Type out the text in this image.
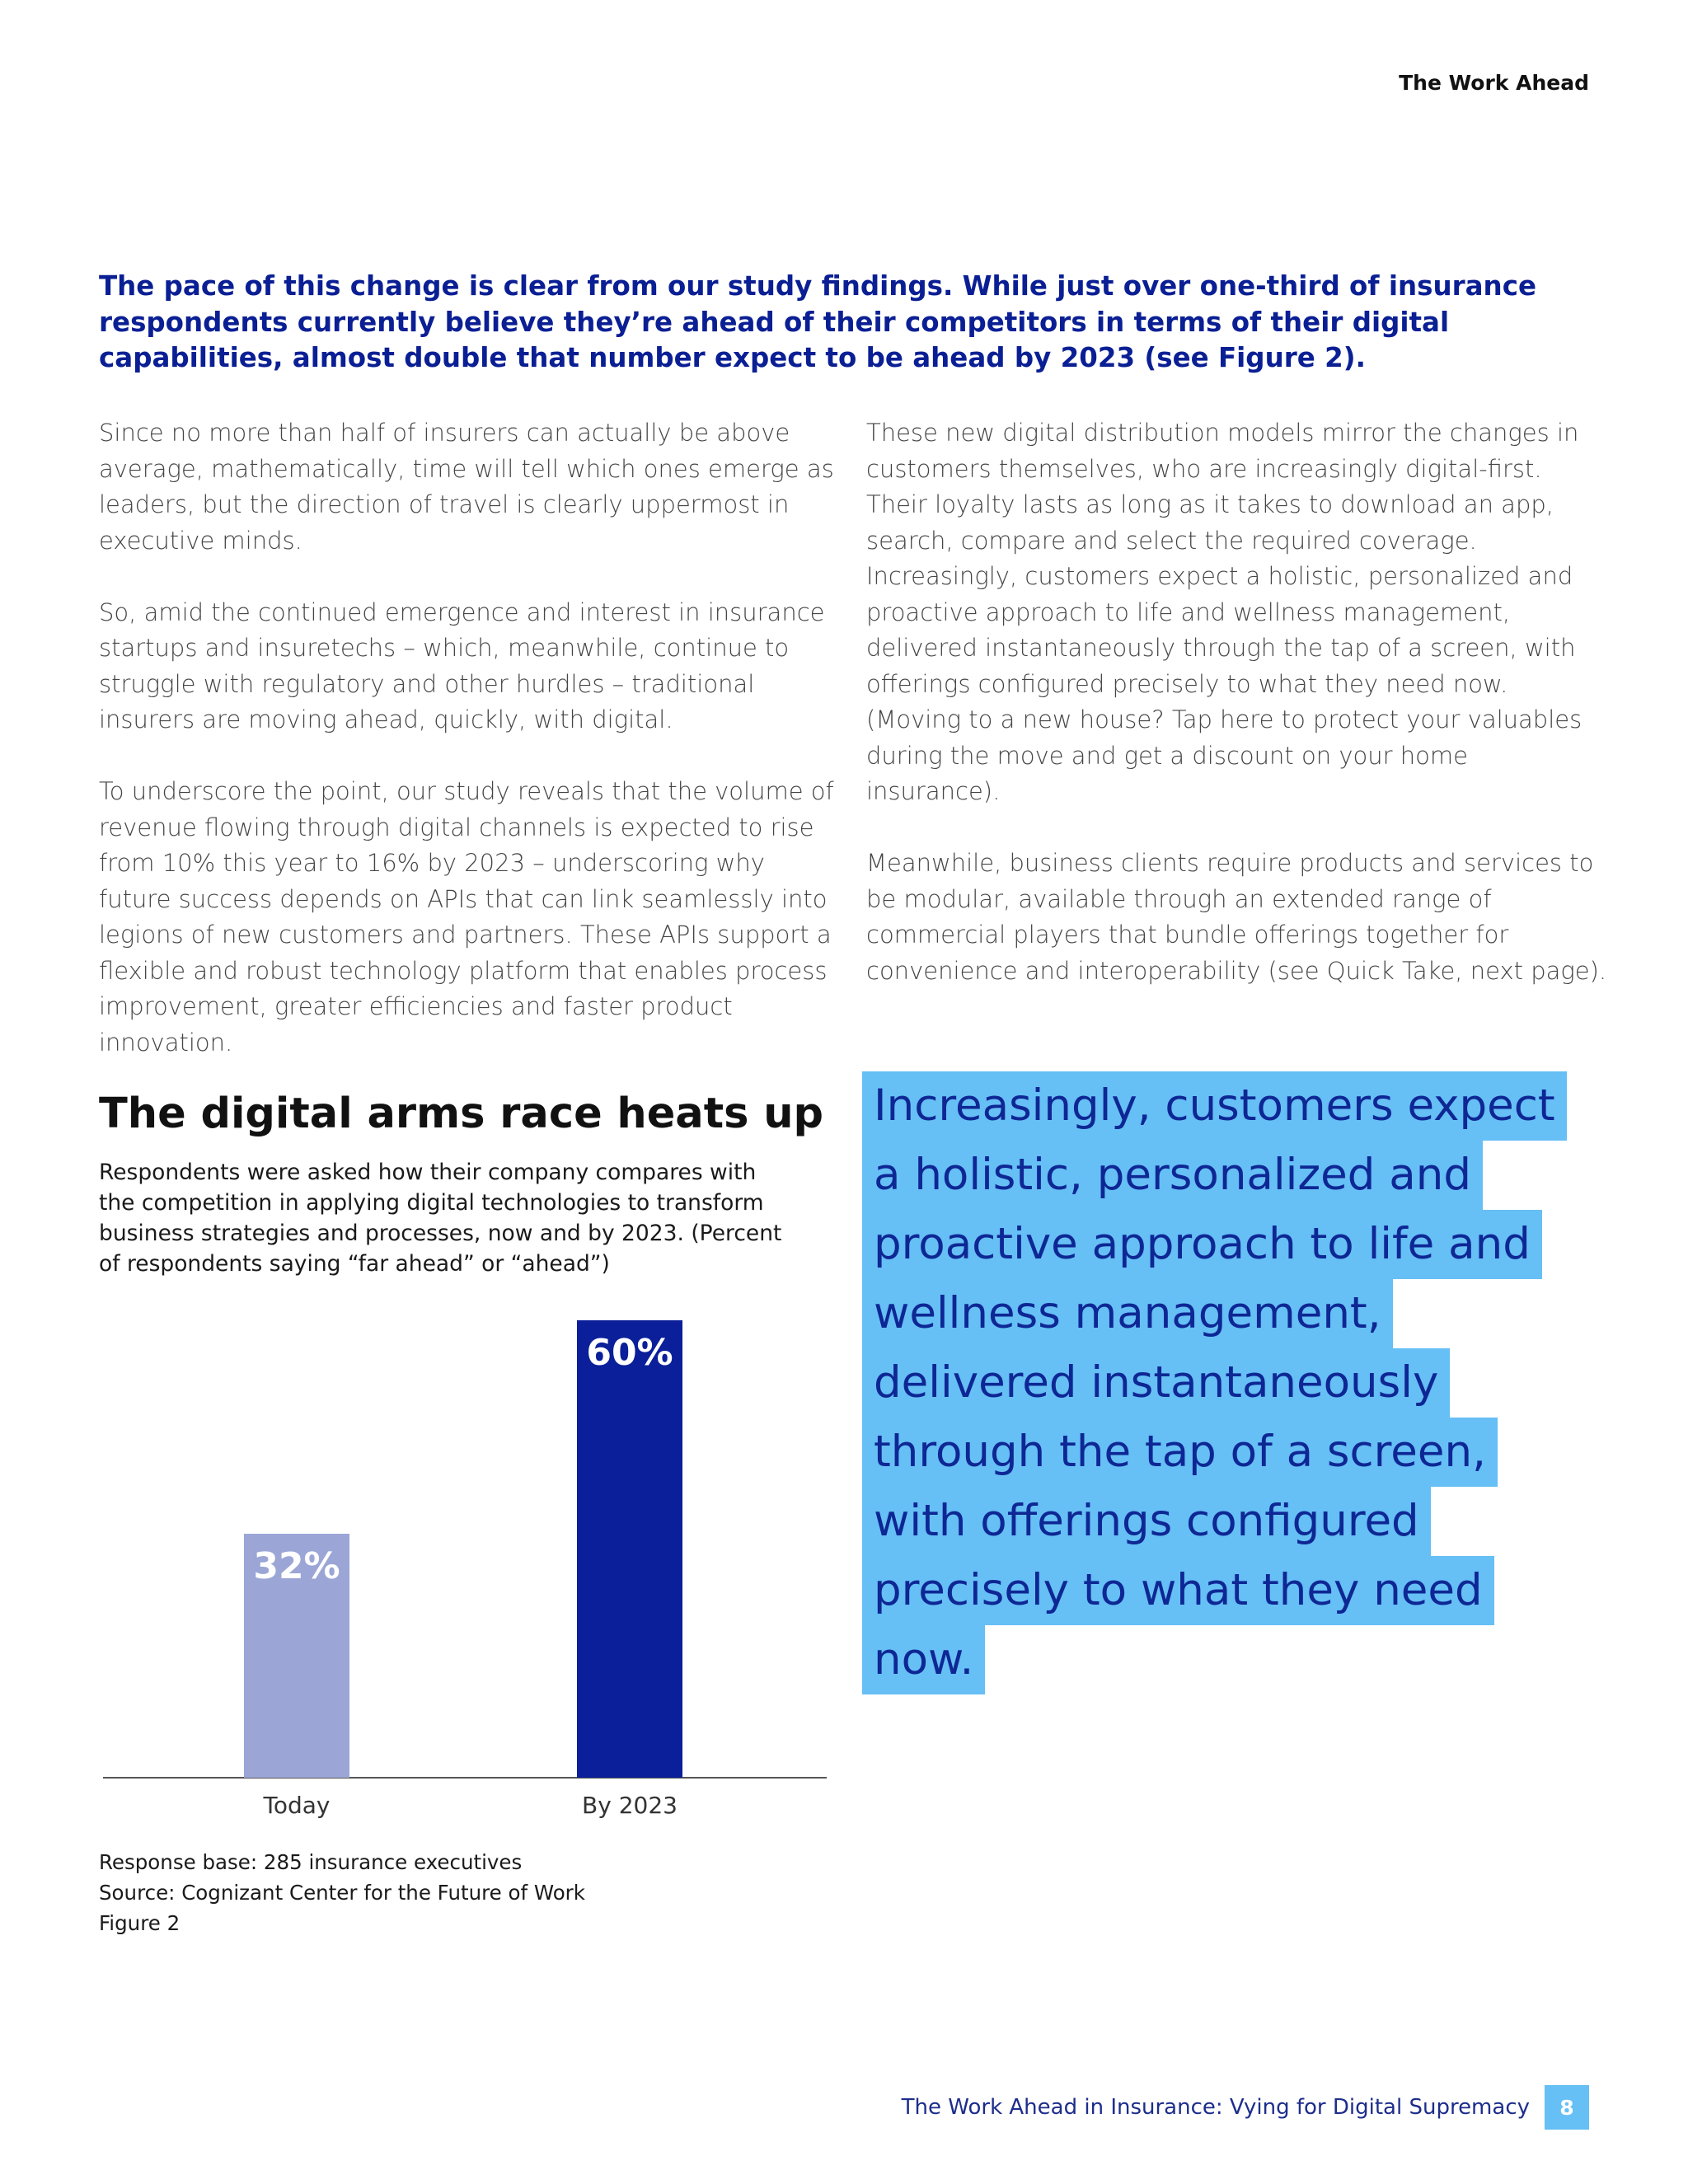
The Work Ahead

The pace of this change is clear from our study findings. While just over one-third of insurance respondents currently believe they’re ahead of their competitors in terms of their digital capabilities, almost double that number expect to be ahead by 2023 (see Figure 2).

Since no more than half of insurers can actually be above average, mathematically, time will tell which ones emerge as leaders, but the direction of travel is clearly uppermost in executive minds.

So, amid the continued emergence and interest in insurance startups and insuretechs – which, meanwhile, continue to struggle with regulatory and other hurdles – traditional insurers are moving ahead, quickly, with digital.

To underscore the point, our study reveals that the volume of revenue flowing through digital channels is expected to rise from 10% this year to 16% by 2023 – underscoring why future success depends on APIs that can link seamlessly into legions of new customers and partners. These APIs support a flexible and robust technology platform that enables process improvement, greater efficiencies and faster product innovation.

These new digital distribution models mirror the changes in customers themselves, who are increasingly digital-first. Their loyalty lasts as long as it takes to download an app, search, compare and select the required coverage. Increasingly, customers expect a holistic, personalized and proactive approach to life and wellness management, delivered instantaneously through the tap of a screen, with offerings configured precisely to what they need now. (Moving to a new house? Tap here to protect your valuables during the move and get a discount on your home insurance).

Meanwhile, business clients require products and services to be modular, available through an extended range of commercial players that bundle offerings together for convenience and interoperability (see Quick Take, next page).

The digital arms race heats up

Respondents were asked how their company compares with the competition in applying digital technologies to transform business strategies and processes, now and by 2023. (Percent of respondents saying “far ahead” or “ahead”)

32%
Today
60%
By 2023
Response base: 285 insurance executives
Source: Cognizant Center for the Future of Work
Figure 2

Increasingly, customers expect a holistic, personalized and proactive approach to life and wellness management, delivered instantaneously through the tap of a screen, with offerings configured precisely to what they need now.

The Work Ahead in Insurance: Vying for Digital Supremacy	8
